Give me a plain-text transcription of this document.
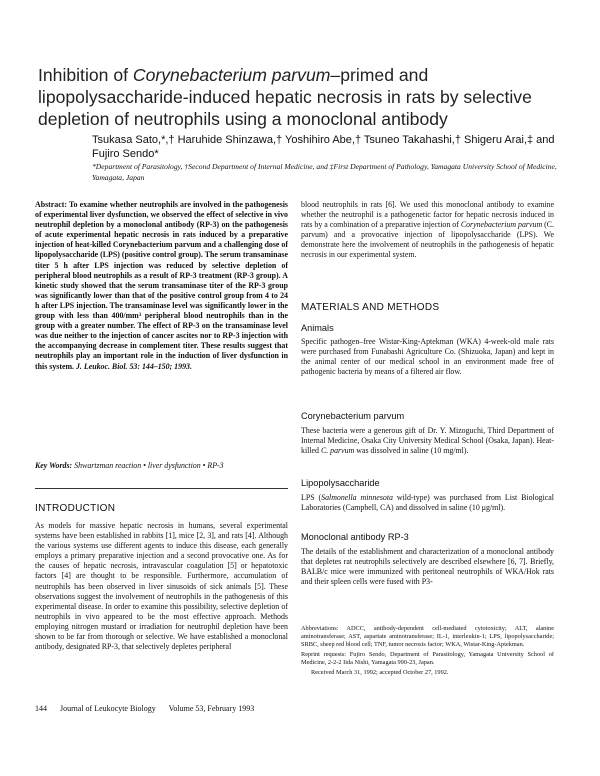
Inhibition of Corynebacterium parvum–primed and lipopolysaccharide-induced hepatic necrosis in rats by selective depletion of neutrophils using a monoclonal antibody
Tsukasa Sato,*,† Haruhide Shinzawa,† Yoshihiro Abe,† Tsuneo Takahashi,† Shigeru Arai,‡ and Fujiro Sendo*
*Department of Parasitology, †Second Department of Internal Medicine, and ‡First Department of Pathology, Yamagata University School of Medicine, Yamagata, Japan
Abstract: To examine whether neutrophils are involved in the pathogenesis of experimental liver dysfunction, we observed the effect of selective in vivo neutrophil depletion by a monoclonal antibody (RP-3) on the pathogenesis of acute experimental hepatic necrosis in rats induced by a preparative injection of heat-killed Corynebacterium parvum and a challenging dose of lipopolysaccharide (LPS) (positive control group). The serum transaminase titer 5 h after LPS injection was reduced by selective depletion of peripheral blood neutrophils as a result of RP-3 treatment (RP-3 group). A kinetic study showed that the serum transaminase titer of the RP-3 group was significantly lower than that of the positive control group from 4 to 24 h after LPS injection. The transaminase level was significantly lower in the group with less than 400/mm³ peripheral blood neutrophils than in the group with a greater number. The effect of RP-3 on the transaminase level was due neither to the injection of cancer ascites nor to RP-3 injection with the accompanying decrease in complement titer. These results suggest that neutrophils play an important role in the induction of liver dysfunction in this system. J. Leukoc. Biol. 53: 144–150; 1993.
Key Words: Shwartzman reaction • liver dysfunction • RP-3
INTRODUCTION
As models for massive hepatic necrosis in humans, several experimental systems have been established in rabbits [1], mice [2, 3], and rats [4]. Although the various systems use different agents to induce this disease, each generally employs a primary preparative injection and a second provocative one. As for the causes of hepatic necrosis, intravascular coagulation [5] or hepatotoxic factors [4] are thought to be responsible. Furthermore, accumulation of neutrophils has been observed in liver sinusoids of sick animals [5]. These observations suggest the involvement of neutrophils in the pathogenesis of this experimental disease. In order to examine this possibility, selective depletion of neutrophils in vivo appeared to be the most effective approach. Methods employing nitrogen mustard or irradiation for neutrophil depletion have been shown to be far from thorough or selective. We have established a monoclonal antibody, designated RP-3, that selectively depletes peripheral
blood neutrophils in rats [6]. We used this monoclonal antibody to examine whether the neutrophil is a pathogenetic factor for hepatic necrosis induced in rats by a combination of a preparative injection of Corynebacterium parvum (C. parvum) and a provocative injection of lipopolysaccharide (LPS). We demonstrate here the involvement of neutrophils in the pathogenesis of hepatic necrosis in our experimental system.
MATERIALS AND METHODS
Animals
Specific pathogen–free Wistar-King-Aptekman (WKA) 4-week-old male rats were purchased from Funabashi Agriculture Co. (Shizuoka, Japan) and kept in the animal center of our medical school in an environment made free of pathogenic bacteria by means of a filtered air flow.
Corynebacterium parvum
These bacteria were a generous gift of Dr. Y. Mizoguchi, Third Department of Internal Medicine, Osaka City University Medical School (Osaka, Japan). Heat-killed C. parvum was dissolved in saline (10 mg/ml).
Lipopolysaccharide
LPS (Salmonella minnesota wild-type) was purchased from List Biological Laboratories (Campbell, CA) and dissolved in saline (10 μg/ml).
Monoclonal antibody RP-3
The details of the establishment and characterization of a monoclonal antibody that depletes rat neutrophils selectively are described elsewhere [6, 7]. Briefly, BALB/c mice were immunized with peritoneal neutrophils of WKA/Hok rats and their spleen cells were fused with P3-
Abbreviations: ADCC, antibody-dependent cell-mediated cytotoxicity; ALT, alanine aminotransferase; AST, aspartate aminotransferase; IL-1, interleukin-1; LPS, lipopolysaccharide; SRBC, sheep red blood cell; TNF, tumor necrosis factor; WKA, Wistar-King-Aptekman.
Reprint requests: Fujiro Sendo, Department of Parasitology, Yamagata University School of Medicine, 2-2-2 Iida Nishi, Yamagata 990-23, Japan.
Received March 31, 1992; accepted October 27, 1992.
144 Journal of Leukocyte Biology Volume 53, February 1993
